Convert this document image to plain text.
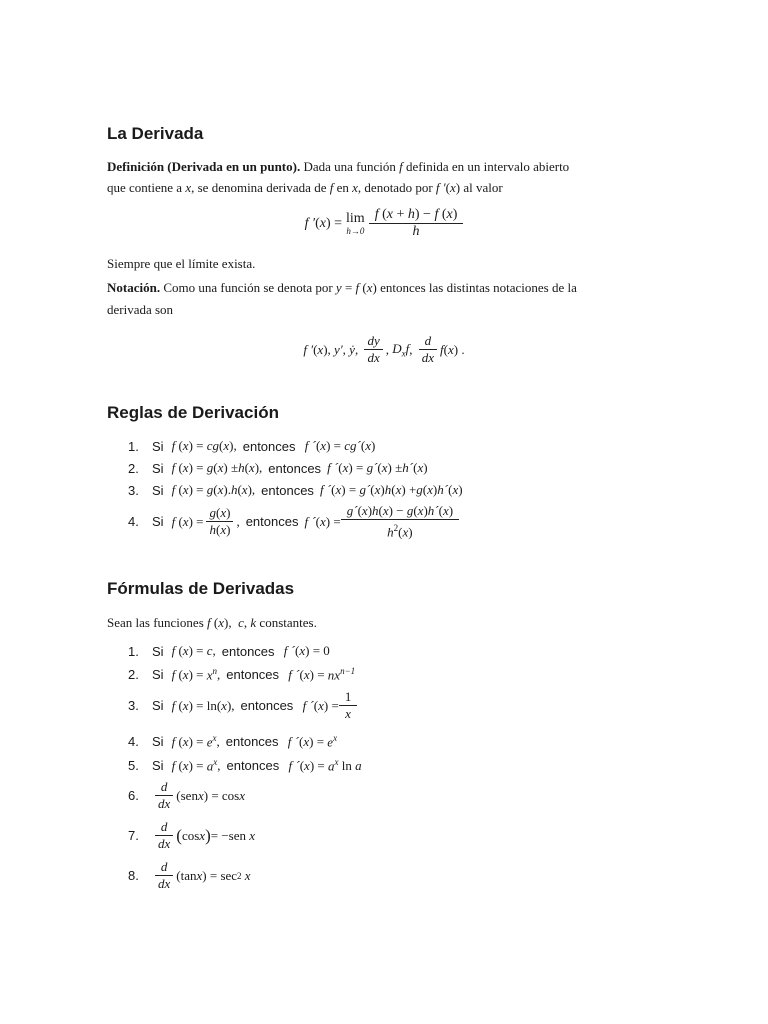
La Derivada
Definición (Derivada en un punto). Dada una función f definida en un intervalo abierto
que contiene a x, se denomina derivada de f en x, denotado por f ′(x) al valor
f ′ ( x ) = lim
$h\to 0 \frac{f (x + h) - f (x)}{h}$
Siempre que el límite exista.
Notación. Como una función se denota por y = f (x) entonces las distintas notaciones de la
derivada son
f ′ ( x ), y′ , ẏ , $\frac{dy}{dx}$ , $D_xf$ , $\frac{d}{dx}$ f ( x ) .
Reglas de Derivación
1.	Si f ( x ) = cg ( x ), entonces
f ´ ( x ) = cg´ ( x )
2.	Si f ( x ) = g ( x ) ± h ( x ), entonces f ´ ( x ) = g´ ( x ) ± h´ ( x )
3.	Si f ( x ) = g ( x ). h ( x ), entonces f ´ ( x ) = g´ ( x ) h ( x ) + g ( x ) h´ ( x )
4.	Si f ( x ) = $\frac{g(x)}{h(x)}$ , entonces f ´ ( x ) = $\frac{g´(x)h(x) - g(x)h´(x)}{h^2(x)}$
Fórmulas de Derivadas
Sean las funciones f (x),  c, k constantes.
1.	Si f ( x ) = c , entonces
f ´ ( x ) = 0
2.	Si f ( x ) = $x^n$ , entonces
f ´ ( x ) = $nx^{n-1}$
3.	Si f ( x ) = ln( x ), entonces
f ´ ( x ) = $\frac{1}{x}$
4.	Si f ( x ) = $e^x$ , entonces
f ´ ( x ) = $e^x$
5.	Si f ( x ) = $a^x$ , entonces
f ´ ( x ) = $a^x$ ln a
6.	$\frac{d}{dx} (sen$ x ) = cos x
7.	$\frac{d}{dx}$ ( cos x ) = −sen x
8.	$\frac{d}{dx} (\tan$ x ) = sec 2
x
